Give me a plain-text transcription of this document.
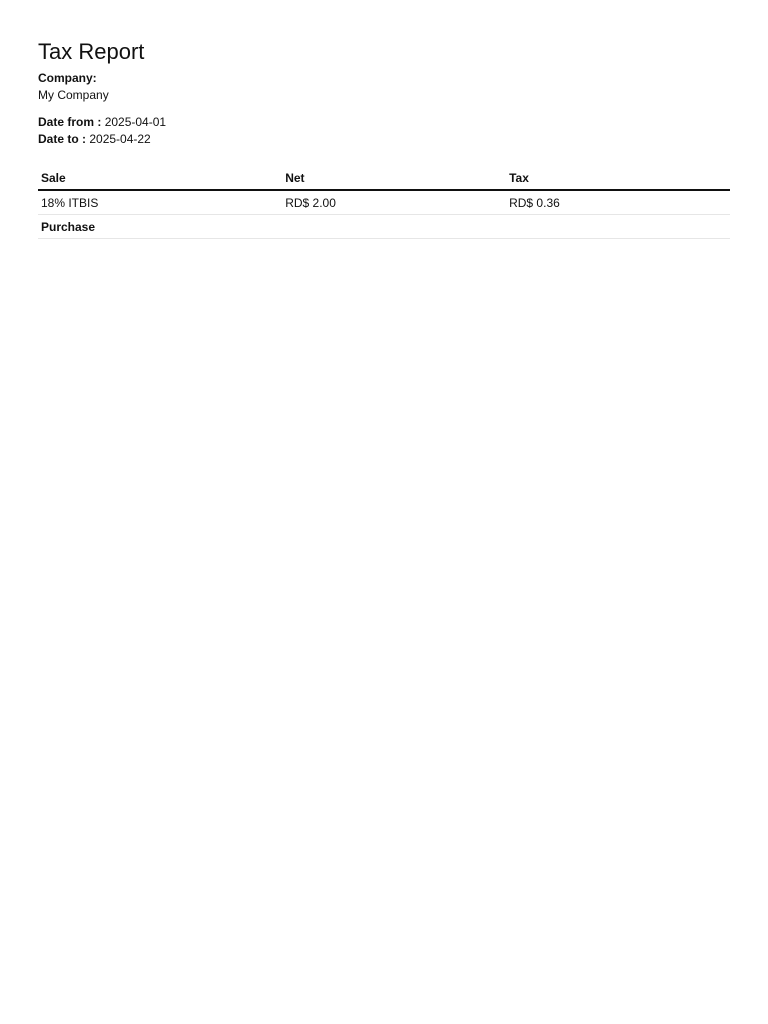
Tax Report
Company:
My Company
Date from : 2025-04-01
Date to : 2025-04-22
Sale	Net	Tax
18% ITBIS	RD$ 2.00	RD$ 0.36
Purchase		
